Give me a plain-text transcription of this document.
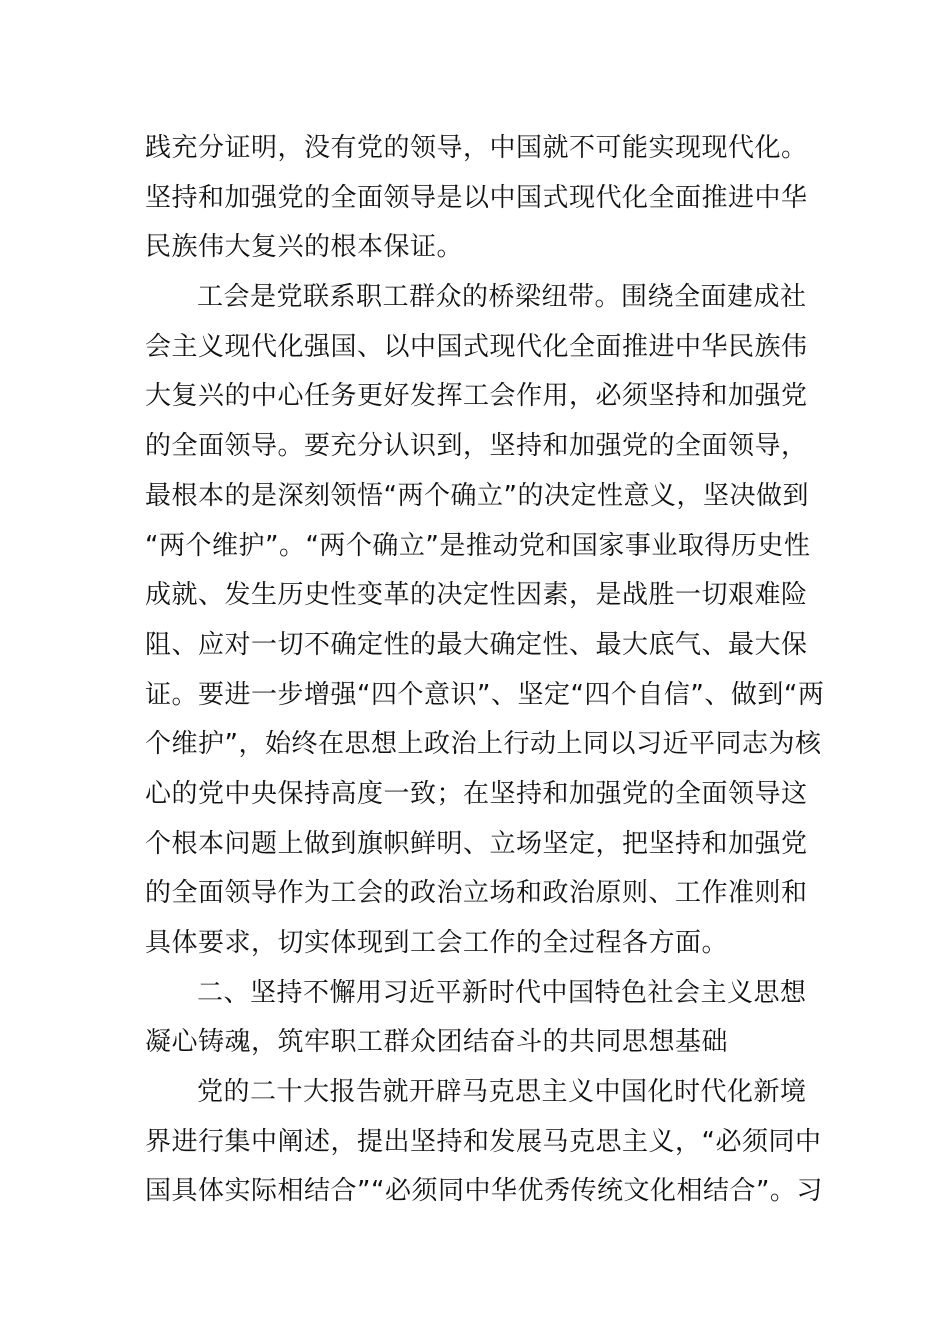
践充分证明，没有党的领导，中国就不可能实现现代化。
坚持和加强党的全面领导是以中国式现代化全面推进中华
民族伟大复兴的根本保证。
工会是党联系职工群众的桥梁纽带。围绕全面建成社
会主义现代化强国、以中国式现代化全面推进中华民族伟
大复兴的中心任务更好发挥工会作用，必须坚持和加强党
的全面领导。要充分认识到，坚持和加强党的全面领导，
最根本的是深刻领悟“两个确立”的决定性意义，坚决做到
“两个维护”。“两个确立”是推动党和国家事业取得历史性
成就、发生历史性变革的决定性因素，是战胜一切艰难险
阻、应对一切不确定性的最大确定性、最大底气、最大保
证。要进一步增强“四个意识”、坚定“四个自信”、做到“两
个维护”，始终在思想上政治上行动上同以习近平同志为核
心的党中央保持高度一致；在坚持和加强党的全面领导这
个根本问题上做到旗帜鲜明、立场坚定，把坚持和加强党
的全面领导作为工会的政治立场和政治原则、工作准则和
具体要求，切实体现到工会工作的全过程各方面。
二、坚持不懈用习近平新时代中国特色社会主义思想
凝心铸魂，筑牢职工群众团结奋斗的共同思想基础
党的二十大报告就开辟马克思主义中国化时代化新境
界进行集中阐述，提出坚持和发展马克思主义，“必须同中
国具体实际相结合”“必须同中华优秀传统文化相结合”。习
